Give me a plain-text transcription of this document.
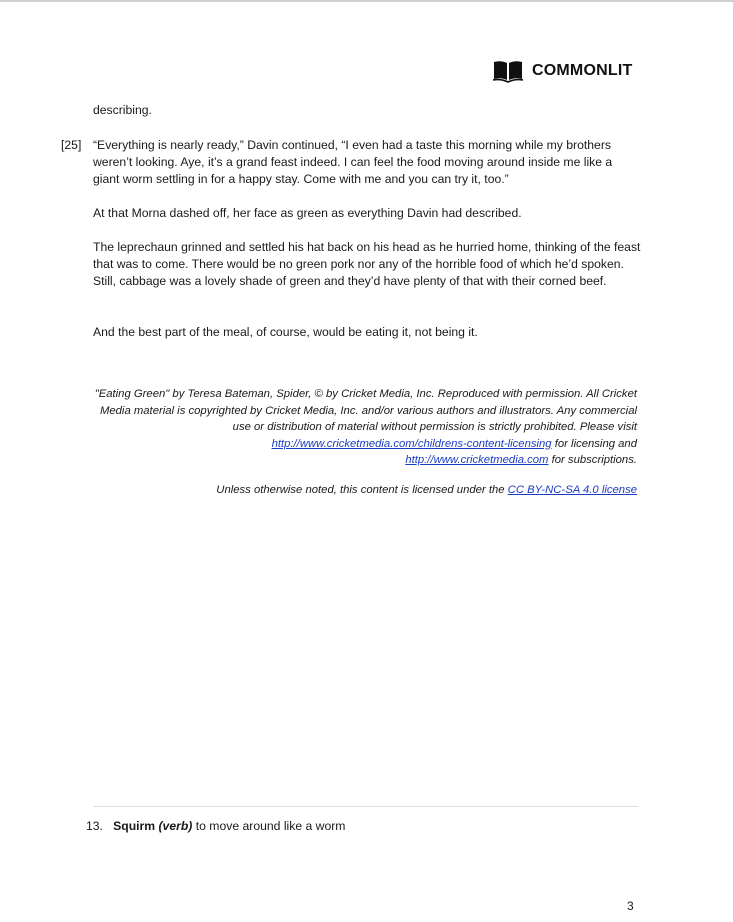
COMMONLIT

describing.

[25] “Everything is nearly ready,” Davin continued, “I even had a taste this morning while my brothers weren’t looking. Aye, it’s a grand feast indeed. I can feel the food moving around inside me like a giant worm settling in for a happy stay. Come with me and you can try it, too.”

At that Morna dashed off, her face as green as everything Davin had described.

The leprechaun grinned and settled his hat back on his head as he hurried home, thinking of the feast that was to come. There would be no green pork nor any of the horrible food of which he’d spoken. Still, cabbage was a lovely shade of green and they’d have plenty of that with their corned beef.

And the best part of the meal, of course, would be eating it, not being it.

"Eating Green" by Teresa Bateman, Spider, © by Cricket Media, Inc. Reproduced with permission. All Cricket Media material is copyrighted by Cricket Media, Inc. and/or various authors and illustrators. Any commercial use or distribution of material without permission is strictly prohibited. Please visit http://www.cricketmedia.com/childrens-content-licensing for licensing and
http://www.cricketmedia.com for subscriptions.

Unless otherwise noted, this content is licensed under the CC BY-NC-SA 4.0 license

13. Squirm (verb) to move around like a worm
3
